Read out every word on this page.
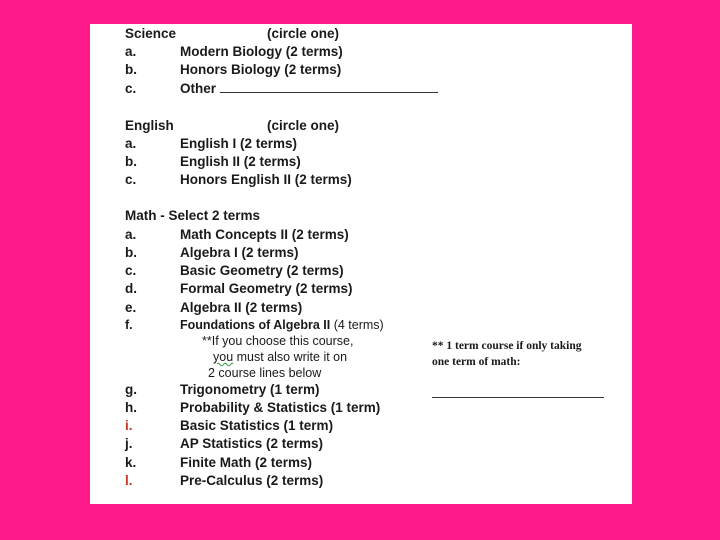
Science	(circle one)
a.	Modern Biology (2 terms)
b.	Honors Biology (2 terms)
c.	Other
English	(circle one)
a.	English I (2 terms)
b.	English II (2 terms)
c.	Honors English II (2 terms)
Math - Select 2 terms
a.	Math Concepts II (2 terms)
b.	Algebra I (2 terms)
c.	Basic Geometry (2 terms)
d.	Formal Geometry (2 terms)
e.	Algebra II (2 terms)
f.	Foundations of Algebra II (4 terms)
**If you choose this course,
you must also write it on
2 course lines below
g.	Trigonometry (1 term)
h.	Probability & Statistics (1 term)
i.	Basic Statistics (1 term)
j.	AP Statistics (2 terms)
k.	Finite Math (2 terms)
l.	Pre-Calculus (2 terms)
** 1 term course if only taking
one term of math:
